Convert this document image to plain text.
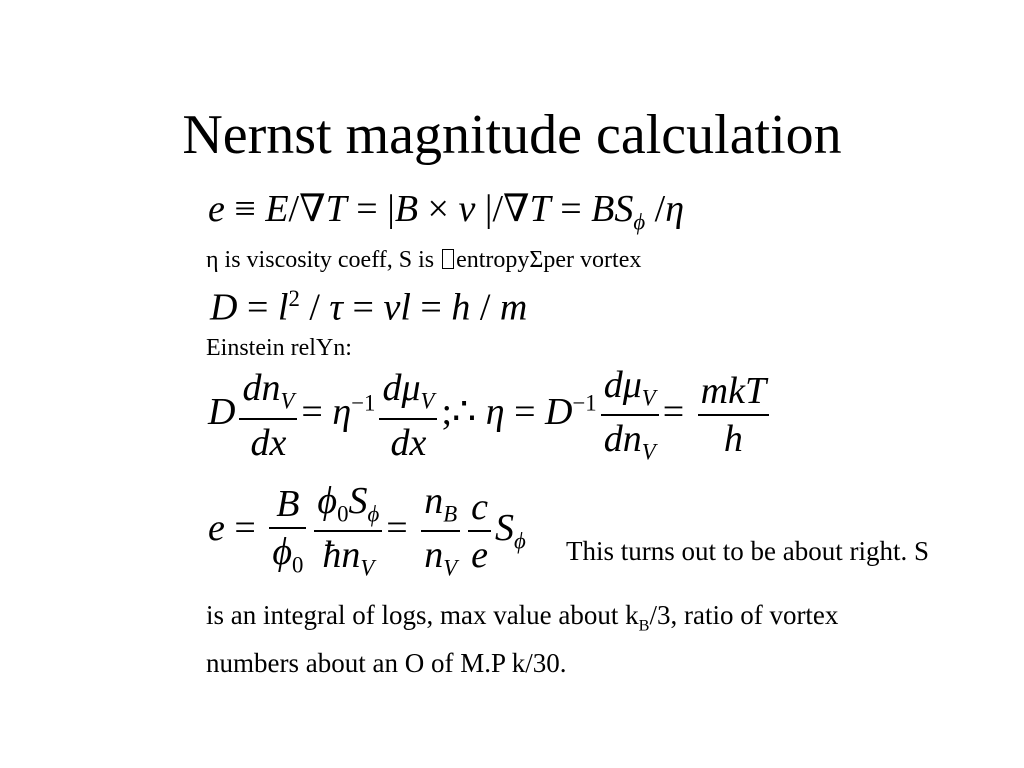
Nernst magnitude calculation
e ≡ E/∇T = |B × v $|/\nabla T = BS_\phi$ /η
η is viscosity coeff, S is entropyΣper vortex
$D = l^2 / \tau$ = vl = h / m
Einstein relҮn:
D $\frac{dn_V}{dx} = \eta^{-1} \frac{d\mu_V}{dx}$ ;∴ $\eta = D^{-1} \frac{d\mu_V}{dn_V} = \frac{\text{mkT}}{h}$
$e = \frac{B}{\phi_0} \frac{\phi_0S_\phi}{ħn_V} = \frac{n_B}{n_V} \frac{c}{e} S_\phi$ This turns out to be about right. S
is an integral of logs, max value about $k_B/3$, ratio of vortex
numbers about an O of M.P k/30.
